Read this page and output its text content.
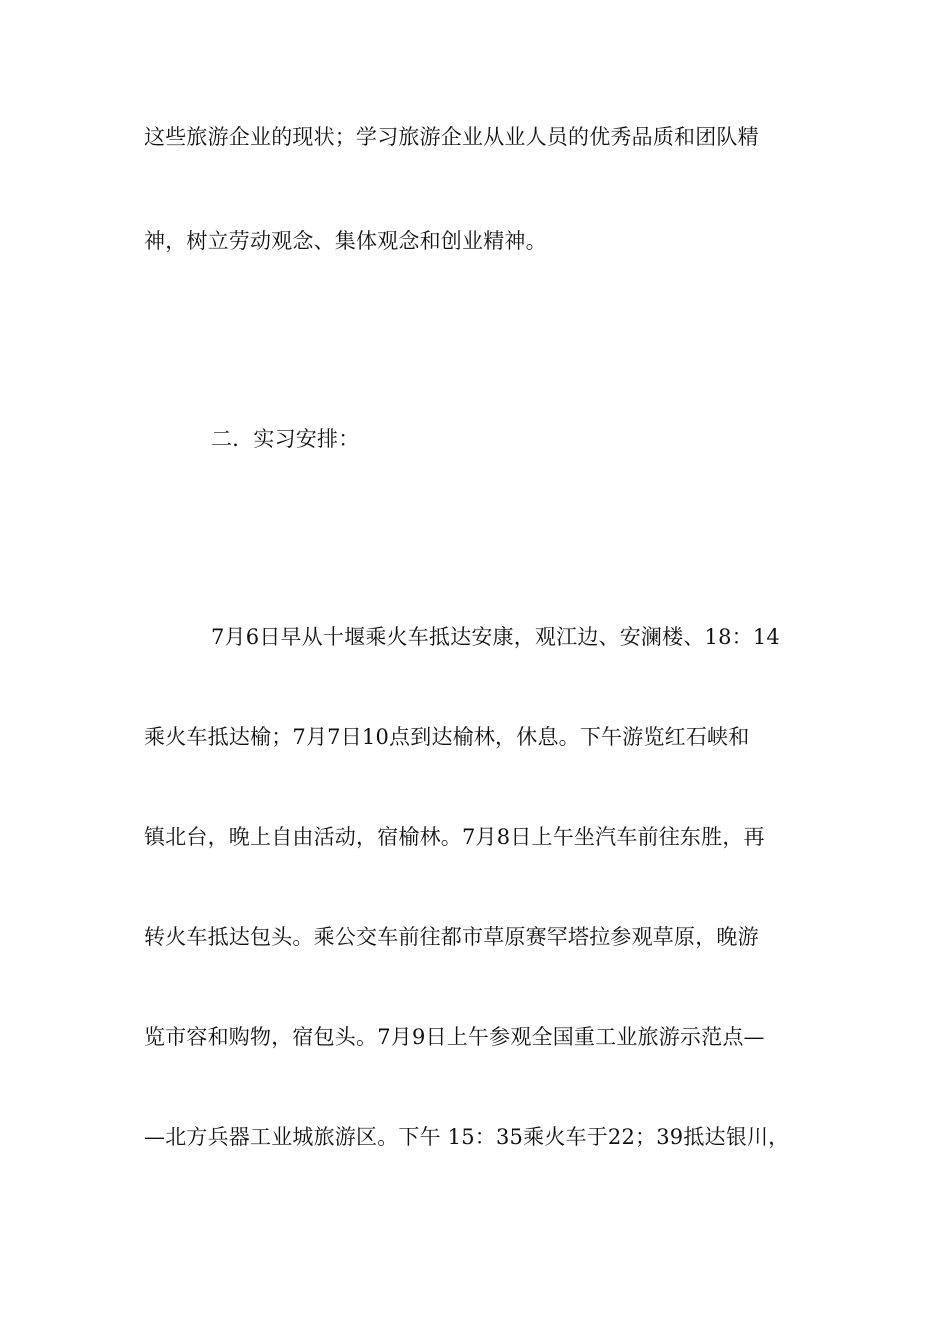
这些旅游企业的现状；学习旅游企业从业人员的优秀品质和团队精
神，树立劳动观念、集体观念和创业精神。
二．实习安排：
7月6日早从十堰乘火车抵达安康，观江边、安澜楼、18：14
乘火车抵达榆；7月7日10点到达榆林，休息。下午游览红石峡和
镇北台，晚上自由活动，宿榆林。7月8日上午坐汽车前往东胜，再
转火车抵达包头。乘公交车前往都市草原赛罕塔拉参观草原，晚游
览市容和购物，宿包头。7月9日上午参观全国重工业旅游示范点—
—北方兵器工业城旅游区。下午 15：35乘火车于22；39抵达银川，
